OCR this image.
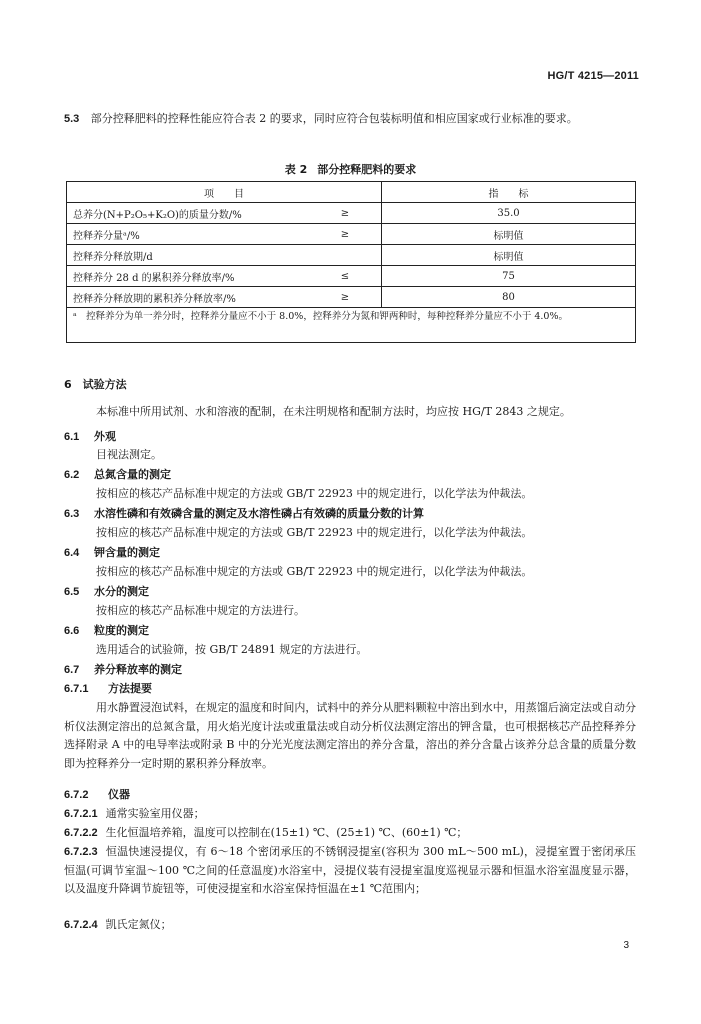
HG/T 4215—2011
5.3 部分控释肥料的控释性能应符合表 2 的要求，同时应符合包装标明值和相应国家或行业标准的要求。
表 2 部分控释肥料的要求
项　　目		指　　标
总养分(N+P₂O₅+K₂O)的质量分数/%	≥	35.0
控释养分量ᵃ/%	≥	标明值
控释养分释放期/d		标明值
控释养分 28 d 的累积养分释放率/%	≤	75
控释养分释放期的累积养分释放率/%	≥	80
ᵃ　控释养分为单一养分时，控释养分量应不小于 8.0%，控释养分为氮和钾两种时，每种控释养分量应不小于 4.0%。		
6　试验方法
本标准中所用试剂、水和溶液的配制，在未注明规格和配制方法时，均应按 HG/T 2843 之规定。
6.1 外观
目视法测定。
6.2 总氮含量的测定
按相应的核芯产品标准中规定的方法或 GB/T 22923 中的规定进行，以化学法为仲裁法。
6.3 水溶性磷和有效磷含量的测定及水溶性磷占有效磷的质量分数的计算
按相应的核芯产品标准中规定的方法或 GB/T 22923 中的规定进行，以化学法为仲裁法。
6.4 钾含量的测定
按相应的核芯产品标准中规定的方法或 GB/T 22923 中的规定进行，以化学法为仲裁法。
6.5 水分的测定
按相应的核芯产品标准中规定的方法进行。
6.6 粒度的测定
选用适合的试验筛，按 GB/T 24891 规定的方法进行。
6.7 养分释放率的测定
6.7.1 方法提要
用水静置浸泡试料，在规定的温度和时间内，试料中的养分从肥料颗粒中溶出到水中，用蒸馏后滴定法或自动分析仪法测定溶出的总氮含量，用火焰光度计法或重量法或自动分析仪法测定溶出的钾含量，也可根据核芯产品控释养分选择附录 A 中的电导率法或附录 B 中的分光光度法测定溶出的养分含量，溶出的养分含量占该养分总含量的质量分数即为控释养分一定时期的累积养分释放率。
6.7.2 仪器
6.7.2.1 通常实验室用仪器；
6.7.2.2 生化恒温培养箱，温度可以控制在(15±1) ℃、(25±1) ℃、(60±1) ℃；
6.7.2.3 恒温快速浸提仪，有 6～18 个密闭承压的不锈钢浸提室(容积为 300 mL～500 mL)，浸提室置于密闭承压恒温(可调节室温～100 ℃之间的任意温度)水浴室中，浸提仪装有浸提室温度巡视显示器和恒温水浴室温度显示器，以及温度升降调节旋钮等，可使浸提室和水浴室保持恒温在±1 ℃范围内；
6.7.2.4 凯氏定氮仪；
3
